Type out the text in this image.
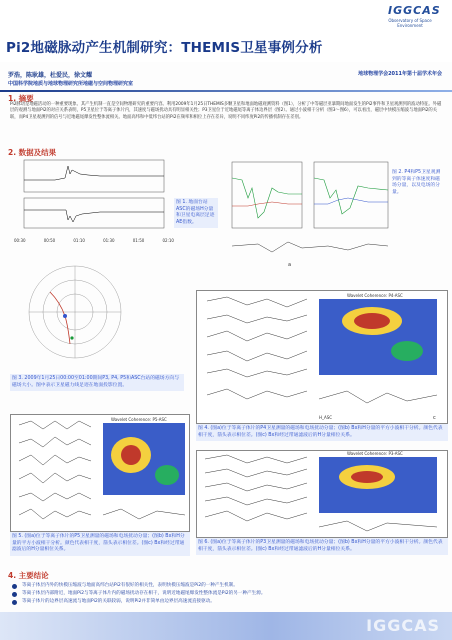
Pi2地磁脉动产生机制研究：THEMIS卫星事例分析
IGGCAS
Observatory of Space Environment
罗浩，陈耿雄，杜爱民，徐文耀
中国科学院地质与地球物理研究所地磁与空间物理研究室
地球物理学会2011年第十届学术年会
1. 摘要
Pi2脉动是地磁活动的一种重要现象。其产生机制一直是空间物理研究的重要内容。利用2009年1月25日THEMIS多颗卫星和地面地磁观测资料（图1），分析了中等磁层亚暴期间地面发生的Pi2事件和卫星观测到的波动特征。外磁层的观测与地面Pi2的对应关系表明，P5卫星位于等离子体片内，其速度与磁场扰动具有明显相关性；P3卫星位于近地磁尾等离子体边界层（图2）。通过小波相干分析（图3～图6），可以看出，磁层中快模压缩波与地面Pi2的关联，而P4卫星观测到的信号与近地磁尾爆发性整体流相关。地面高纬和中低纬台站的Pi2在频率和相位上存在差异，说明不同纬度Pi2的传播机制存在差别。
2. 数据及结果
00:30	00:50	01:10	01:30	01:50	02:10
图 1. 地面台站ASC的磁场H分量和卫星电离层足迹AE指数。
a
图 2. P4和P5卫星观测到的等离子体速度和磁场分量，以及电场的分量。
图 3. 2009年1月25日00:00至01:00期间P3, P4, P5和ASC台站的磁场方向与磁场大小。图中表示卫星磁力线足迹在地面投影位置。
Wavelet Coherence: P4-ASC
H_ASC	c
图 4. (图a)位于等离子体片的P4卫星测量的磁场和电场扰动分量；(图b) Bx和H分量的平方小波相干分析。颜色代表相干度，箭头表示相位差。(图c) Bx和经过带通滤波后的H分量相位关系。
Wavelet Coherence: P5-ASC
图 5. (图a)位于等离子体片的P5卫星测量的磁场和电场扰动分量；(图b) Bx和H分量的平方小波相干分析。颜色代表相干度，箭头表示相位差。(图c) Bx和经过带通滤波后的H分量相位关系。
Wavelet Coherence: P3-ASC
图 6. (图a)位于等离子体片的P3卫星测量的磁场和电场扰动分量；(图b) Bx和H分量的平方小波相干分析。颜色代表相干度，箭头表示相位差。(图c) Bx和经过带通滤波后的H分量相位关系。
4. 主要结论
等离子体层内外的快模压缩波与地面高纬台站Pi2有很好的相关性，表明快模压缩波是Pi2的一种产生机制。
等离子体层内部附近，地面Pi2与等离子体片内的磁场扰动存在相干，说明近地磁尾爆发性整体流是Pi2的另一种产生源。
等离子体片的边界层高速流与地面Pi2的关联较弱，说明Pi2并非简单由边界层高速流直接驱动。
IGGCAS
